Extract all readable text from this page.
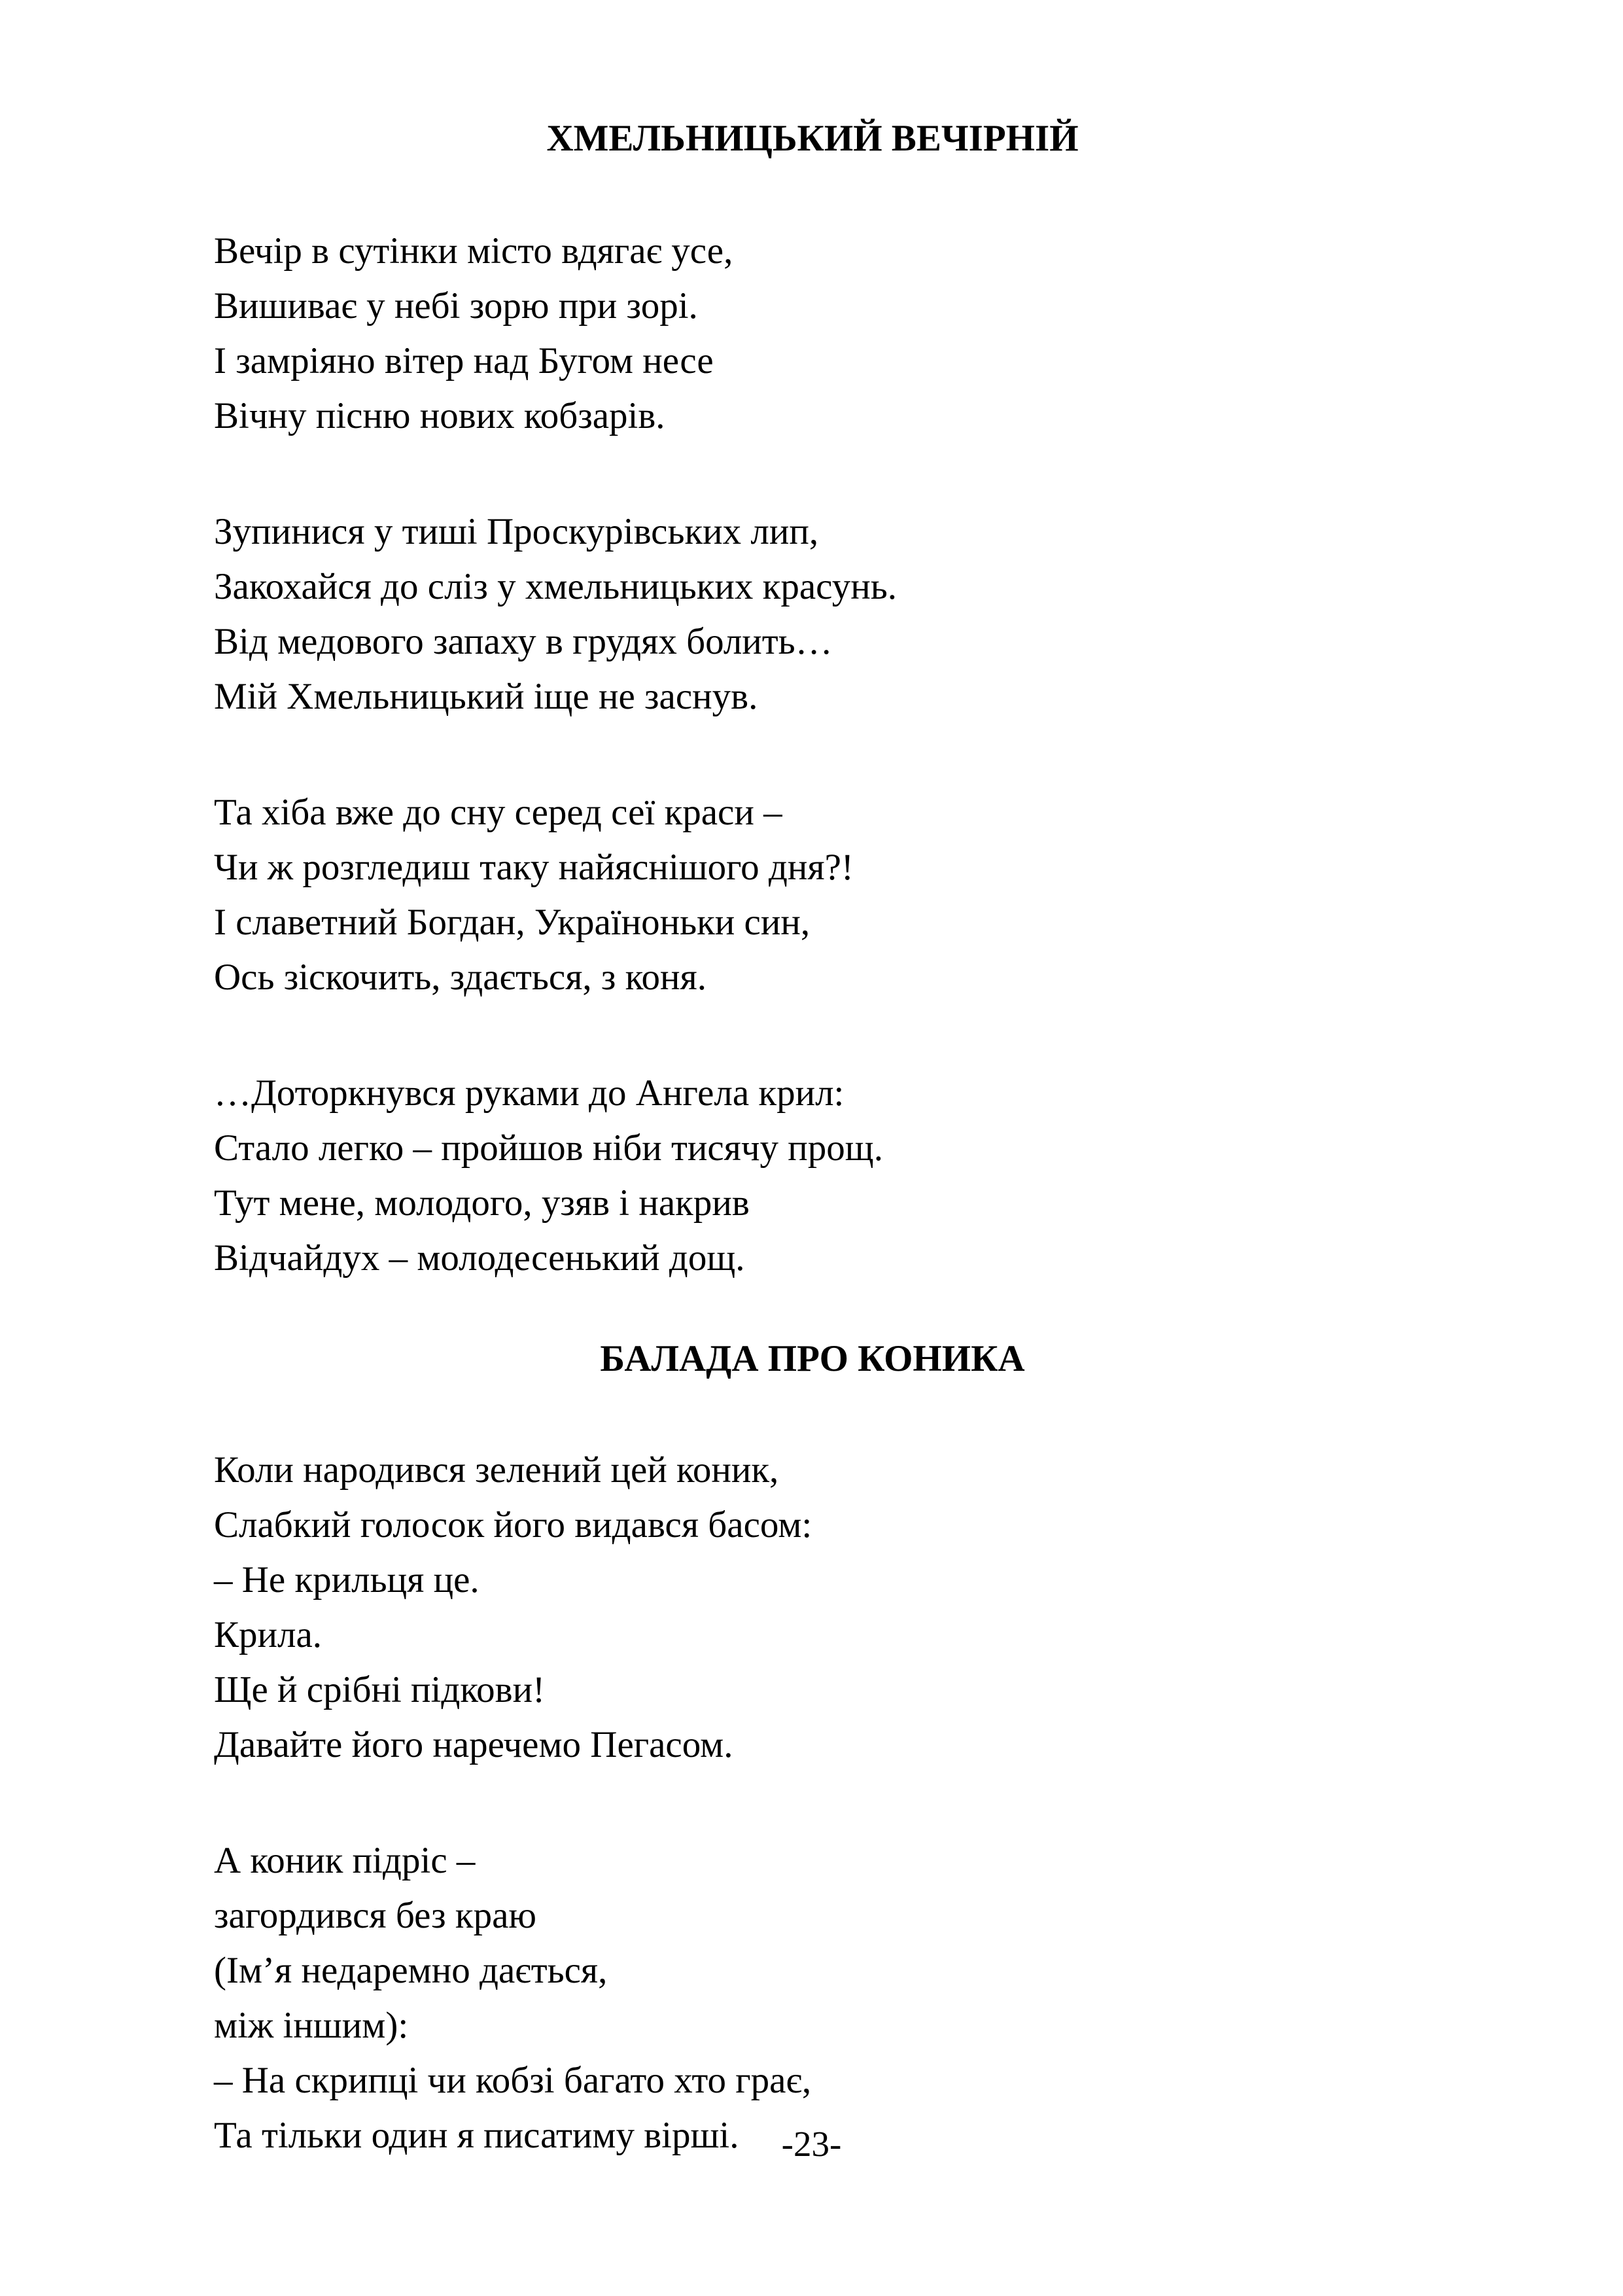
ХМЕЛЬНИЦЬКИЙ ВЕЧІРНІЙ

Вечір в сутінки місто вдягає усе,

Вишиває у небі зорю при зорі.

І замріяно вітер над Бугом несе

Вічну пісню нових кобзарів.

Зупинися у тиші Проскурівських лип,

Закохайся до сліз у хмельницьких красунь.

Від медового запаху в грудях болить…

Мій Хмельницький іще не заснув.

Та хіба вже до сну серед сеї краси –

Чи ж розгледиш таку найяснішого дня?!

І славетний Богдан, Україноньки син,

Ось зіскочить, здається, з коня.

…Доторкнувся руками до Ангела крил:

Стало легко – пройшов ніби тисячу прощ.

Тут мене, молодого, узяв і накрив

Відчайдух – молодесенький дощ.

БАЛАДА ПРО КОНИКА

Коли народився зелений цей коник,

Слабкий голосок його видався басом:

– Не крильця це.

Крила.

Ще й срібні підкови!

Давайте його наречемо Пегасом.

А коник підріс –

загордився без краю

(Ім’я недаремно дається,

між іншим):

– На скрипці чи кобзі багато хто грає,

Та тільки один я писатиму вірші.	-23-
